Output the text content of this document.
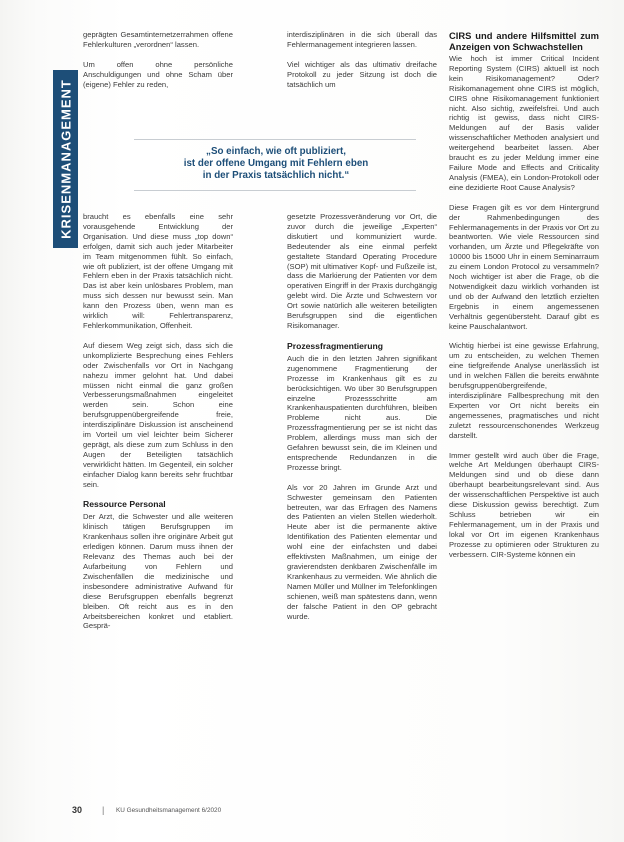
KRISENMANAGEMENT

geprägten Gesamtinternetzerrahmen offene Fehlerkulturen „verordnen“ lassen.

Um offen ohne persönliche Anschuldigungen und ohne Scham über (eigene) Fehler zu reden,

interdisziplinären in die sich überall das Fehlermanagement integrieren lassen.

Viel wichtiger als das ultimativ dreifache Protokoll zu jeder Sitzung ist doch die tatsächlich um

„So einfach, wie oft publiziert,
ist der offene Umgang mit Fehlern eben
in der Praxis tatsächlich nicht.“

braucht es ebenfalls eine sehr vorausgehende Entwicklung der Organisation. Und diese muss „top down“ erfolgen, damit sich auch jeder Mitarbeiter im Team mitgenommen fühlt. So einfach, wie oft publiziert, ist der offene Umgang mit Fehlern eben in der Praxis tatsächlich nicht. Das ist aber kein unlösbares Problem, man muss sich dessen nur bewusst sein. Man kann den Prozess üben, wenn man es wirklich will: Fehlertransparenz, Fehlerkommunikation, Offenheit.

Auf diesem Weg zeigt sich, dass sich die unkomplizierte Besprechung eines Fehlers oder Zwischenfalls vor Ort in Nachgang nahezu immer gelohnt hat. Und dabei müssen nicht einmal die ganz großen Verbesserungsmaßnahmen eingeleitet werden sein. Schon eine berufsgruppenübergreifende freie, interdisziplinäre Diskussion ist anscheinend im Vorteil um viel leichter beim Sicherer geprägt, als diese zum zum Schluss in den Augen der Beteiligten tatsächlich verwirklicht hätten. Im Gegenteil, ein solcher einfacher Dialog kann bereits sehr fruchtbar sein.

Ressource Personal

Der Arzt, die Schwester und alle weiteren klinisch tätigen Berufsgruppen im Krankenhaus sollen ihre originäre Arbeit gut erledigen können. Darum muss ihnen der Relevanz des Themas auch bei der Aufarbeitung von Fehlern und Zwischenfällen die medizinische und insbesondere administrative Aufwand für diese Berufsgruppen ebenfalls begrenzt bleiben. Oft reicht aus es in den Arbeitsbereichen konkret und etabliert. Gesprä-

gesetzte Prozessveränderung vor Ort, die zuvor durch die jeweilige „Experten“ diskutiert und kommuniziert wurde. Bedeutender als eine einmal perfekt gestaltete Standard Operating Procedure (SOP) mit ultimativer Kopf- und Fußzeile ist, dass die Markierung der Patienten vor dem operativen Eingriff in der Praxis durchgängig gelebt wird. Die Ärzte und Schwestern vor Ort sowie natürlich alle weiteren beteiligten Berufsgruppen sind die eigentlichen Risikomanager.

Prozessfragmentierung

Auch die in den letzten Jahren signifikant zugenommene Fragmentierung der Prozesse im Krankenhaus gilt es zu berücksichtigen. Wo über 30 Berufsgruppen einzelne Prozessschritte am Krankenhauspatienten durchführen, bleiben Probleme nicht aus. Die Prozessfragmentierung per se ist nicht das Problem, allerdings muss man sich der Gefahren bewusst sein, die im Kleinen und entsprechende Redundanzen in die Prozesse bringt.

Als vor 20 Jahren im Grunde Arzt und Schwester gemeinsam den Patienten betreuten, war das Erfragen des Namens des Patienten an vielen Stellen wiederholt. Heute aber ist die permanente aktive Identifikation des Patienten elementar und wohl eine der einfachsten und dabei effektivsten Maßnahmen, um einige der gravierendsten denkbaren Zwischenfälle im Krankenhaus zu vermeiden. Wie ähnlich die Namen Müller und Müllner im Telefonklingen schienen, weiß man spätestens dann, wenn der falsche Patient in den OP gebracht wurde.

CIRS und andere Hilfsmittel zum Anzeigen von Schwachstellen

Wie hoch ist immer Critical Incident Reporting System (CIRS) aktuell ist noch kein Risikomanagement? Oder? Risikomanagement ohne CIRS ist möglich, CIRS ohne Risikomanagement funktioniert nicht. Also sichtig, zweifelsfrei. Und auch richtig ist gewiss, dass nicht CIRS-Meldungen auf der Basis valider wissenschaftlicher Methoden analysiert und weitergehend bearbeitet lassen. Aber braucht es zu jeder Meldung immer eine Failure Mode and Effects and Criticality Analysis (FMEA), ein London-Protokoll oder eine dezidierte Root Cause Analysis?

Diese Fragen gilt es vor dem Hintergrund der Rahmenbedingungen des Fehlermanagements in der Praxis vor Ort zu beantworten. Wie viele Ressourcen sind vorhanden, um Ärzte und Pflegekräfte von 10000 bis 15000 Uhr in einem Seminarraum zu einem London Protocol zu versammeln? Noch wichtiger ist aber die Frage, ob die Notwendigkeit dazu wirklich vorhanden ist und ob der Aufwand den letztlich erzielten Ergebnis in einem angemessenen Verhältnis gegenübersteht. Darauf gibt es keine Pauschalantwort.

Wichtig hierbei ist eine gewisse Erfahrung, um zu entscheiden, zu welchen Themen eine tiefgreifende Analyse unerlässlich ist und in welchen Fällen die bereits erwähnte berufsgruppenübergreifende, interdisziplinäre Fallbesprechung mit den Experten vor Ort nicht bereits ein angemessenes, pragmatisches und nicht zuletzt ressourcenschonendes Werkzeug darstellt.

Immer gestellt wird auch über die Frage, welche Art Meldungen überhaupt CIRS-Meldungen sind und ob diese dann überhaupt bearbeitungsrelevant sind. Aus der wissenschaftlichen Perspektive ist auch diese Diskussion gewiss berechtigt. Zum Schluss betrieben wir ein Fehlermanagement, um in der Praxis und lokal vor Ort im eigenen Krankenhaus Prozesse zu optimieren oder Strukturen zu verbessern. CIR-Systeme können ein

30 | KU Gesundheitsmanagement 6/2020
